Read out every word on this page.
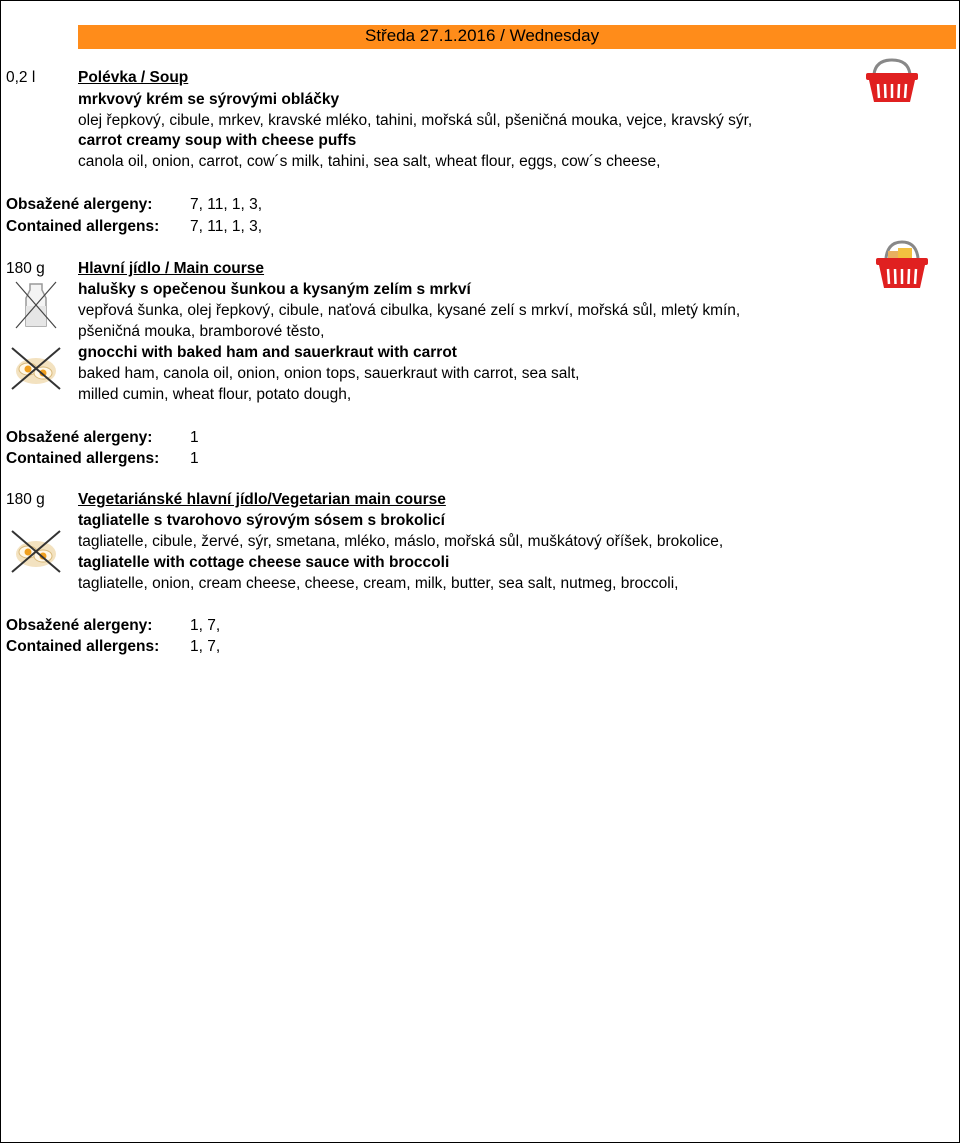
Středa 27.1.2016 / Wednesday
0,2 l	Polévka / Soup
mrkvový krém se sýrovými obláčky
olej řepkový, cibule, mrkev, kravské mléko, tahini, mořská sůl, pšeničná mouka, vejce, kravský sýr,
carrot creamy soup with cheese puffs
canola oil, onion, carrot, cow´s milk, tahini, sea salt, wheat flour, eggs, cow´s cheese,
Obsažené alergeny: 7, 11, 1, 3,
Contained allergens: 7, 11, 1, 3,
180 g Hlavní jídlo / Main course
halušky s opečenou šunkou a kysaným zelím s mrkví
vepřová šunka, olej řepkový, cibule, naťová cibulka, kysané zelí s mrkví, mořská sůl, mletý kmín,
pšeničná mouka, bramborové těsto,
gnocchi with baked ham and sauerkraut with carrot
baked ham, canola oil, onion, onion tops, sauerkraut with carrot, sea salt,
milled cumin, wheat flour, potato dough,
Obsažené alergeny: 1
Contained allergens: 1
180 g Vegetariánské hlavní jídlo/Vegetarian main course
tagliatelle s tvarohovo sýrovým sósem s brokolicí
tagliatelle, cibule, žervé, sýr, smetana, mléko, máslo, mořská sůl, muškátový oříšek, brokolice,
tagliatelle with cottage cheese sauce with broccoli
tagliatelle, onion, cream cheese, cheese, cream, milk, butter, sea salt, nutmeg, broccoli,
Obsažené alergeny: 1, 7,
Contained allergens: 1, 7,
